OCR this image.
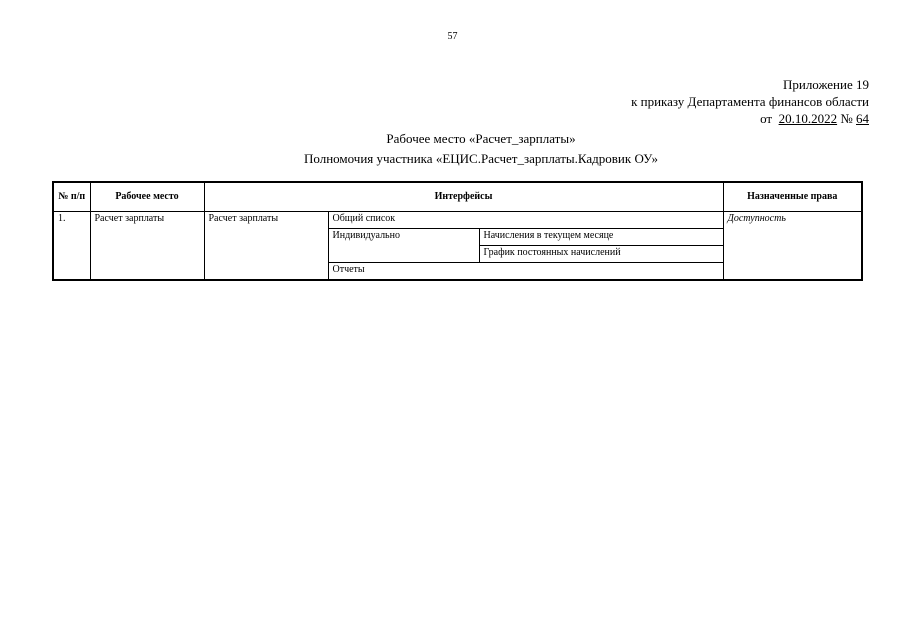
57
Приложение 19
к приказу Департамента финансов области
от 20.10.2022 № 64
Рабочее место «Расчет_зарплаты»
Полномочия участника «ЕЦИС.Расчет_зарплаты.Кадровик ОУ»
№ п/п	Рабочее место	Интерфейсы			Назначенные права
1.	Расчет зарплаты	Расчет зарплаты	Общий список		Доступность
			Индивидуально	Начисления в текущем месяце	
				График постоянных начислений	
			Отчеты		
